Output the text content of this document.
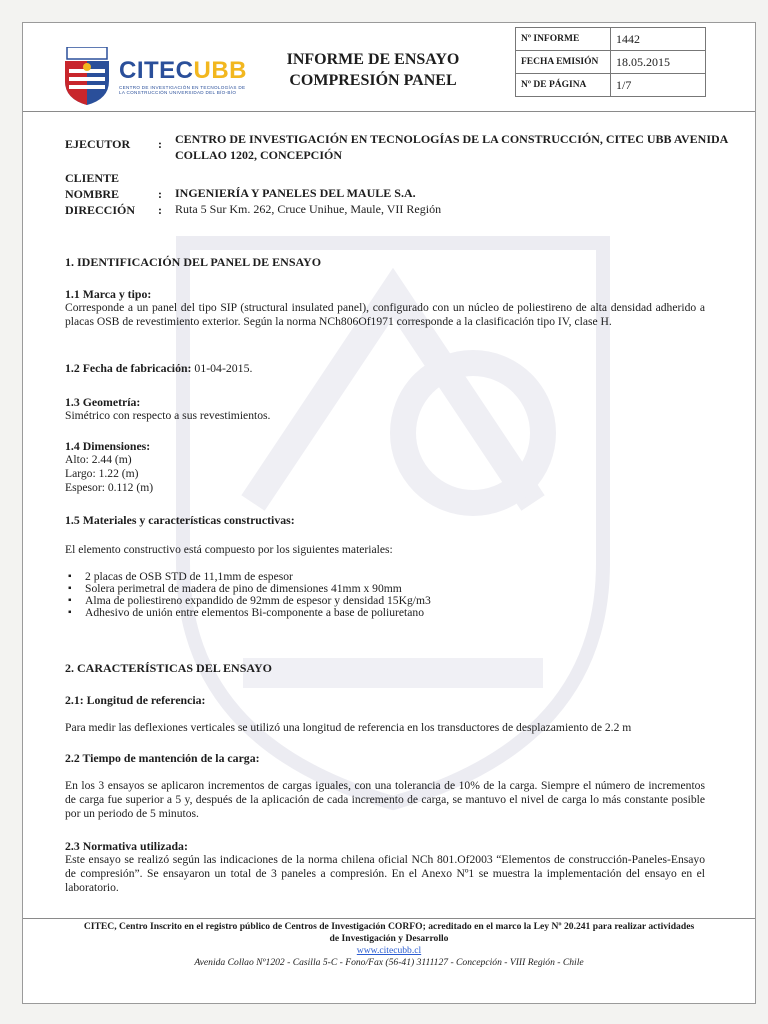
CITECUBB
CENTRO DE INVESTIGACIÓN EN TECNOLOGÍAS DE LA CONSTRUCCIÓN UNIVERSIDAD DEL BÍO-BÍO
INFORME DE ENSAYO
COMPRESIÓN PANEL
Nº INFORME	1442
FECHA EMISIÓN	18.05.2015
Nº DE PÁGINA	1/7
EJECUTOR	: CENTRO DE INVESTIGACIÓN EN TECNOLOGÍAS DE LA CONSTRUCCIÓN, CITEC UBB AVENIDA COLLAO 1202, CONCEPCIÓN
CLIENTE
NOMBRE	: INGENIERÍA Y PANELES DEL MAULE S.A.
DIRECCIÓN	: Ruta 5 Sur Km. 262, Cruce Unihue, Maule, VII Región
1. IDENTIFICACIÓN DEL PANEL DE ENSAYO
1.1 Marca y tipo:
Corresponde a un panel del tipo SIP (structural insulated panel), configurado con un núcleo de poliestireno de alta densidad adherido a placas OSB de revestimiento exterior. Según la norma NCh806Of1971 corresponde a la clasificación tipo IV, clase H.
1.2 Fecha de fabricación: 01-04-2015.
1.3 Geometría:
Simétrico con respecto a sus revestimientos.
1.4 Dimensiones:
Alto: 2.44 (m)
Largo: 1.22 (m)
Espesor: 0.112 (m)
1.5 Materiales y características constructivas:
El elemento constructivo está compuesto por los siguientes materiales:
▪ 2 placas de OSB STD de 11,1mm de espesor
▪ Solera perimetral de madera de pino de dimensiones 41mm x 90mm
▪ Alma de poliestireno expandido de 92mm de espesor y densidad 15Kg/m3
▪ Adhesivo de unión entre elementos Bi-componente a base de poliuretano
2. CARACTERÍSTICAS DEL ENSAYO
2.1: Longitud de referencia:
Para medir las deflexiones verticales se utilizó una longitud de referencia en los transductores de desplazamiento de 2.2 m
2.2 Tiempo de mantención de la carga:
En los 3 ensayos se aplicaron incrementos de cargas iguales, con una tolerancia de 10% de la carga. Siempre el número de incrementos de carga fue superior a 5 y, después de la aplicación de cada incremento de carga, se mantuvo el nivel de carga lo más constante posible por un periodo de 5 minutos.
2.3 Normativa utilizada:
Este ensayo se realizó según las indicaciones de la norma chilena oficial NCh 801.Of2003 “Elementos de construcción-Paneles-Ensayo de compresión”. Se ensayaron un total de 3 paneles a compresión. En el Anexo Nº1 se muestra la implementación del ensayo en el laboratorio.
CITEC, Centro Inscrito en el registro público de Centros de Investigación CORFO; acreditado en el marco la Ley Nº 20.241 para realizar actividades de Investigación y Desarrollo
www.citecubb.cl
Avenida Collao Nº1202 - Casilla 5-C - Fono/Fax (56-41) 3111127 - Concepción - VIII Región - Chile
